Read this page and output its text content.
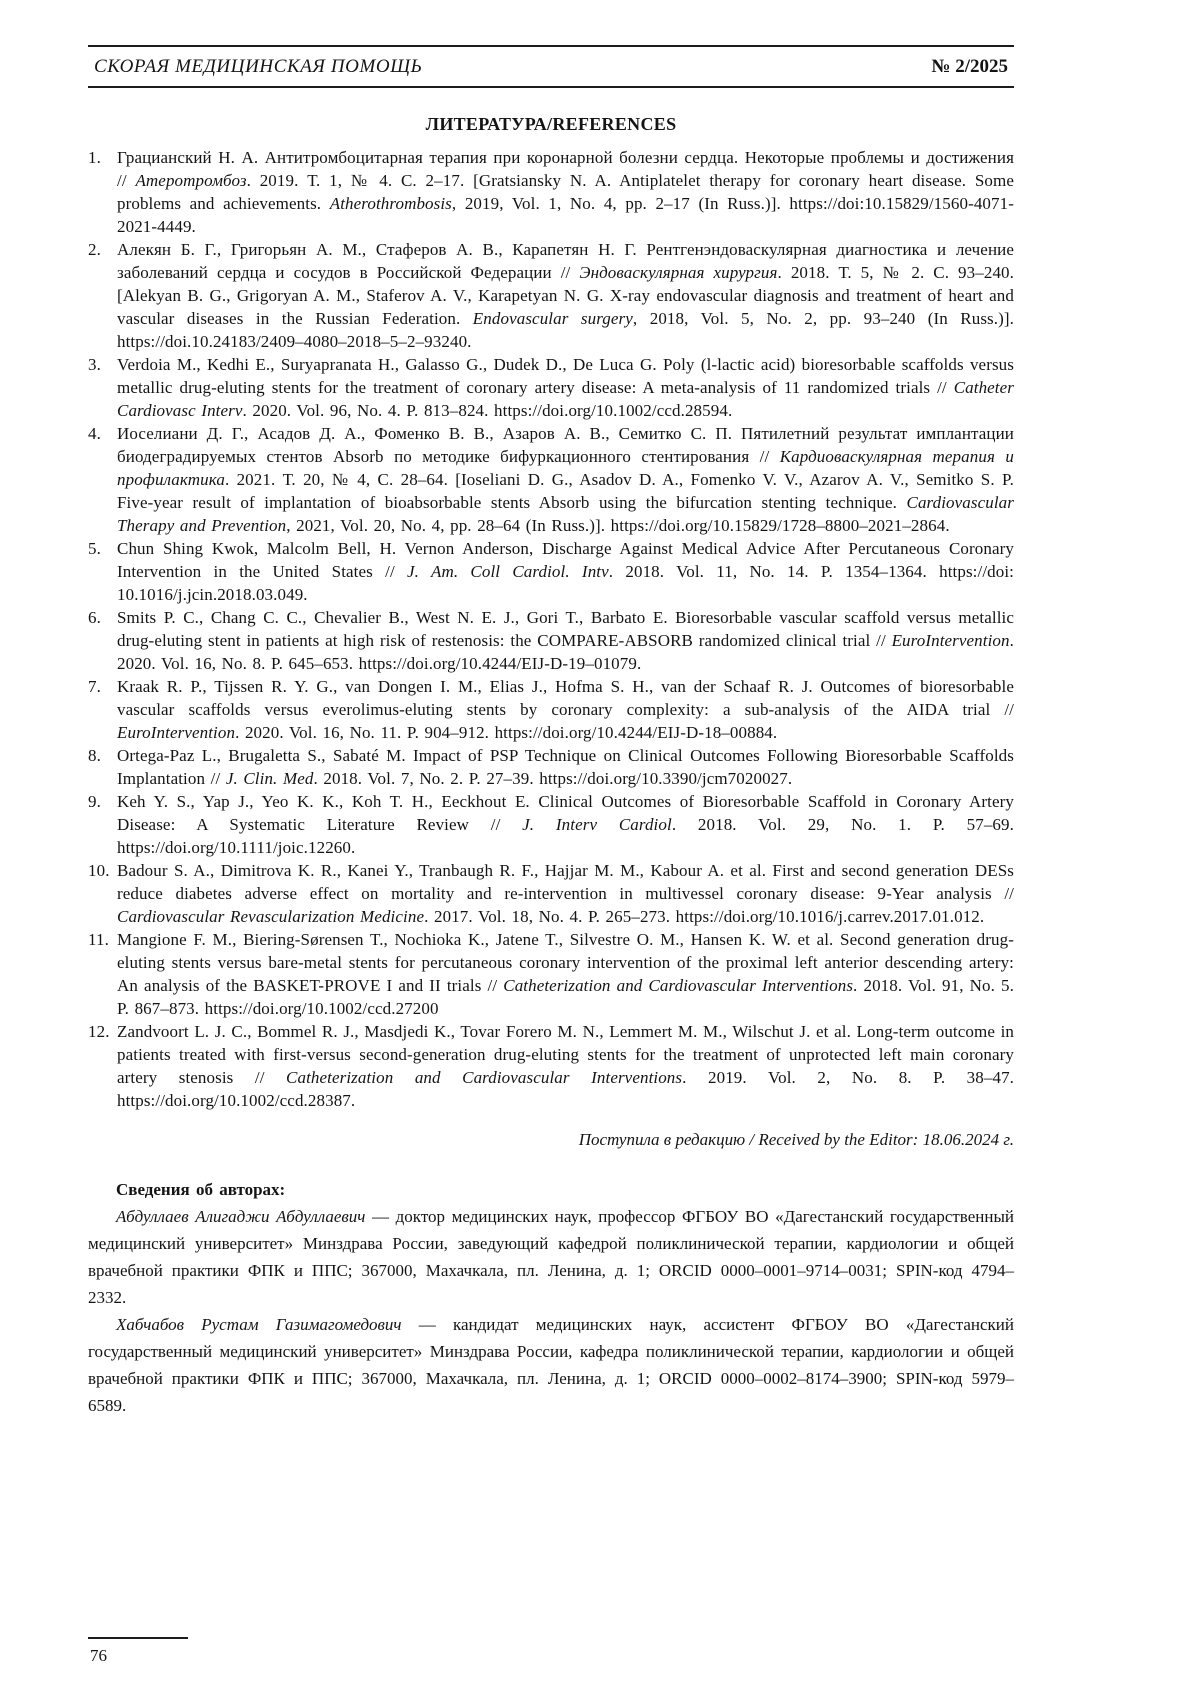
СКОРАЯ МЕДИЦИНСКАЯ ПОМОЩЬ	№ 2/2025
ЛИТЕРАТУРА/REFERENCES
1. Грацианский Н. А. Антитромбоцитарная терапия при коронарной болезни сердца. Некоторые проблемы и достижения // Атеротромбоз. 2019. Т. 1, № 4. С. 2–17. [Gratsiansky N. A. Antiplatelet therapy for coronary heart disease. Some problems and achievements. Atherothrombosis, 2019, Vol. 1, No. 4, pp. 2–17 (In Russ.)]. https://doi:10.15829/1560-4071-2021-4449.
2. Алекян Б. Г., Григорьян А. М., Стаферов А. В., Карапетян Н. Г. Рентгенэндоваскулярная диагностика и лечение заболеваний сердца и сосудов в Российской Федерации // Эндоваскулярная хирургия. 2018. Т. 5, № 2. С. 93–240. [Alekyan B. G., Grigoryan A. M., Staferov A. V., Karapetyan N. G. X-ray endovascular diagnosis and treatment of heart and vascular diseases in the Russian Federation. Endovascular surgery, 2018, Vol. 5, No. 2, pp. 93–240 (In Russ.)]. https://doi.10.24183/2409–4080–2018–5–2–93240.
3. Verdoia M., Kedhi E., Suryapranata H., Galasso G., Dudek D., De Luca G. Poly (l-lactic acid) bioresorbable scaffolds versus metallic drug-eluting stents for the treatment of coronary artery disease: A meta-analysis of 11 randomized trials // Catheter Cardiovasc Interv. 2020. Vol. 96, No. 4. P. 813–824. https://doi.org/10.1002/ccd.28594.
4. Иоселиани Д. Г., Асадов Д. А., Фоменко В. В., Азаров А. В., Семитко С. П. Пятилетний результат имплантации биодеградируемых стентов Absorb по методике бифуркационного стентирования // Кардиоваскулярная терапия и профилактика. 2021. Т. 20, № 4, С. 28–64. [Ioseliani D. G., Asadov D. A., Fomenko V. V., Azarov A. V., Semitko S. P. Five-year result of implantation of bioabsorbable stents Absorb using the bifurcation stenting technique. Cardiovascular Therapy and Prevention, 2021, Vol. 20, No. 4, pp. 28–64 (In Russ.)]. https://doi.org/10.15829/1728–8800–2021–2864.
5. Chun Shing Kwok, Malcolm Bell, H. Vernon Anderson, Discharge Against Medical Advice After Percutaneous Coronary Intervention in the United States // J. Am. Coll Cardiol. Intv. 2018. Vol. 11, No. 14. P. 1354–1364. https://doi: 10.1016/j.jcin.2018.03.049.
6. Smits P. C., Chang C. C., Chevalier B., West N. E. J., Gori T., Barbato E. Bioresorbable vascular scaffold versus metallic drug-eluting stent in patients at high risk of restenosis: the COMPARE-ABSORB randomized clinical trial // EuroIntervention. 2020. Vol. 16, No. 8. P. 645–653. https://doi.org/10.4244/EIJ-D-19–01079.
7. Kraak R. P., Tijssen R. Y. G., van Dongen I. M., Elias J., Hofma S. H., van der Schaaf R. J. Outcomes of bioresorbable vascular scaffolds versus everolimus-eluting stents by coronary complexity: a sub-analysis of the AIDA trial // EuroIntervention. 2020. Vol. 16, No. 11. P. 904–912. https://doi.org/10.4244/EIJ-D-18–00884.
8. Ortega-Paz L., Brugaletta S., Sabaté M. Impact of PSP Technique on Clinical Outcomes Following Bioresorbable Scaffolds Implantation // J. Clin. Med. 2018. Vol. 7, No. 2. P. 27–39. https://doi.org/10.3390/jcm7020027.
9. Keh Y. S., Yap J., Yeo K. K., Koh T. H., Eeckhout E. Clinical Outcomes of Bioresorbable Scaffold in Coronary Artery Disease: A Systematic Literature Review // J. Interv Cardiol. 2018. Vol. 29, No. 1. P. 57–69. https://doi.org/10.1111/joic.12260.
10. Badour S. A., Dimitrova K. R., Kanei Y., Tranbaugh R. F., Hajjar M. M., Kabour A. et al. First and second generation DESs reduce diabetes adverse effect on mortality and re-intervention in multivessel coronary disease: 9-Year analysis // Cardiovascular Revascularization Medicine. 2017. Vol. 18, No. 4. P. 265–273. https://doi.org/10.1016/j.carrev.2017.01.012.
11. Mangione F. M., Biering-Sørensen T., Nochioka K., Jatene T., Silvestre O. M., Hansen K. W. et al. Second generation drug-eluting stents versus bare-metal stents for percutaneous coronary intervention of the proximal left anterior descending artery: An analysis of the BASKET-PROVE I and II trials // Catheterization and Cardiovascular Interventions. 2018. Vol. 91, No. 5. P. 867–873. https://doi.org/10.1002/ccd.27200
12. Zandvoort L. J. C., Bommel R. J., Masdjedi K., Tovar Forero M. N., Lemmert M. M., Wilschut J. et al. Long-term outcome in patients treated with first-versus second-generation drug-eluting stents for the treatment of unprotected left main coronary artery stenosis // Catheterization and Cardiovascular Interventions. 2019. Vol. 2, No. 8. P. 38–47. https://doi.org/10.1002/ccd.28387.
Поступила в редакцию / Received by the Editor: 18.06.2024 г.

Сведения об авторах:

Абдуллаев Алигаджи Абдуллаевич — доктор медицинских наук, профессор ФГБОУ ВО «Дагестанский государственный медицинский университет» Минздрава России, заведующий кафедрой поликлинической терапии, кардиологии и общей врачебной практики ФПК и ППС; 367000, Махачкала, пл. Ленина, д. 1; ORCID 0000–0001–9714–0031; SPIN-код 4794–2332.

Хабчабов Рустам Газимагомедович — кандидат медицинских наук, ассистент ФГБОУ ВО «Дагестанский государственный медицинский университет» Минздрава России, кафедра поликлинической терапии, кардиологии и общей врачебной практики ФПК и ППС; 367000, Махачкала, пл. Ленина, д. 1; ORCID 0000–0002–8174–3900; SPIN-код 5979–6589.

76
